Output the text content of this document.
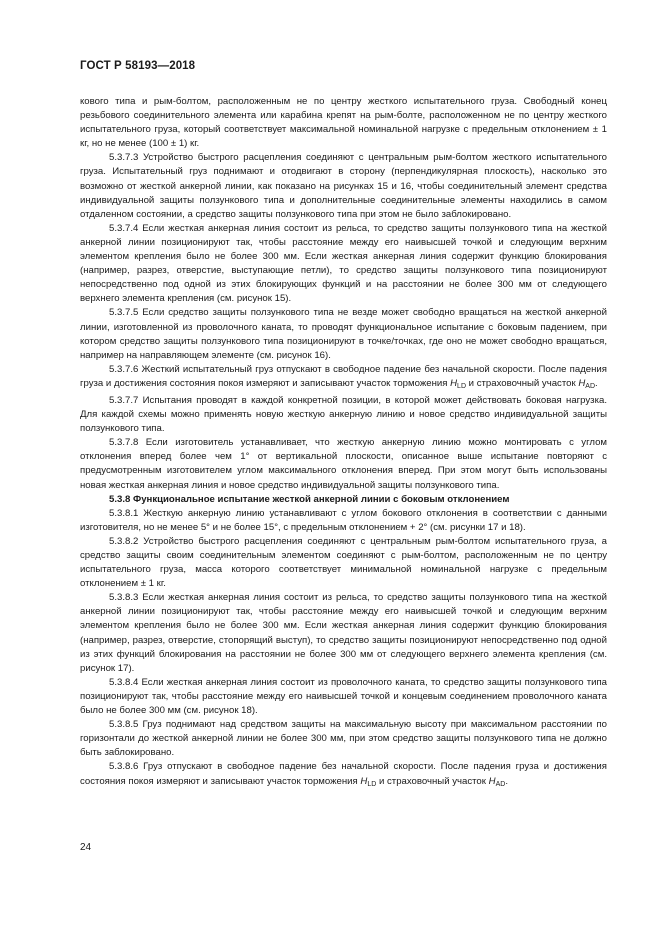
ГОСТ Р 58193—2018

кового типа и рым-болтом, расположенным не по центру жесткого испытательного груза. Свободный конец резьбового соединительного элемента или карабина крепят на рым-болте, расположенном не по центру жесткого испытательного груза, который соответствует максимальной номинальной нагрузке с предельным отклонением ± 1 кг, но не менее (100 ± 1) кг.

5.3.7.3 Устройство быстрого расцепления соединяют с центральным рым-болтом жесткого испытательного груза. Испытательный груз поднимают и отодвигают в сторону (перпендикулярная плоскость), насколько это возможно от жесткой анкерной линии, как показано на рисунках 15 и 16, чтобы соединительный элемент средства индивидуальной защиты ползункового типа и дополнительные соединительные элементы находились в самом отдаленном состоянии, а средство защиты ползункового типа при этом не было заблокировано.

5.3.7.4 Если жесткая анкерная линия состоит из рельса, то средство защиты ползункового типа на жесткой анкерной линии позиционируют так, чтобы расстояние между его наивысшей точкой и следующим верхним элементом крепления было не более 300 мм. Если жесткая анкерная линия содержит функцию блокирования (например, разрез, отверстие, выступающие петли), то средство защиты ползункового типа позиционируют непосредственно под одной из этих блокирующих функций и на расстоянии не более 300 мм от следующего верхнего элемента крепления (см. рисунок 15).

5.3.7.5 Если средство защиты ползункового типа не везде может свободно вращаться на жесткой анкерной линии, изготовленной из проволочного каната, то проводят функциональное испытание с боковым падением, при котором средство защиты ползункового типа позиционируют в точке/точках, где оно не может свободно вращаться, например на направляющем элементе (см. рисунок 16).

5.3.7.6 Жесткий испытательный груз отпускают в свободное падение без начальной скорости. После падения груза и достижения состояния покоя измеряют и записывают участок торможения $H_{LD}$ и страховочный участок $H_{AD}$.

5.3.7.7 Испытания проводят в каждой конкретной позиции, в которой может действовать боковая нагрузка. Для каждой схемы можно применять новую жесткую анкерную линию и новое средство индивидуальной защиты ползункового типа.

5.3.7.8 Если изготовитель устанавливает, что жесткую анкерную линию можно монтировать с углом отклонения вперед более чем 1° от вертикальной плоскости, описанное выше испытание повторяют с предусмотренным изготовителем углом максимального отклонения вперед. При этом могут быть использованы новая жесткая анкерная линия и новое средство индивидуальной защиты ползункового типа.

5.3.8 Функциональное испытание жесткой анкерной линии с боковым отклонением

5.3.8.1 Жесткую анкерную линию устанавливают с углом бокового отклонения в соответствии с данными изготовителя, но не менее 5° и не более 15°, с предельным отклонением + 2° (см. рисунки 17 и 18).

5.3.8.2 Устройство быстрого расцепления соединяют с центральным рым-болтом испытательного груза, а средство защиты своим соединительным элементом соединяют с рым-болтом, расположенным не по центру испытательного груза, масса которого соответствует минимальной номинальной нагрузке с предельным отклонением ± 1 кг.

5.3.8.3 Если жесткая анкерная линия состоит из рельса, то средство защиты ползункового типа на жесткой анкерной линии позиционируют так, чтобы расстояние между его наивысшей точкой и следующим верхним элементом крепления было не более 300 мм. Если жесткая анкерная линия содержит функцию блокирования (например, разрез, отверстие, стопорящий выступ), то средство защиты позиционируют непосредственно под одной из этих функций блокирования на расстоянии не более 300 мм от следующего верхнего элемента крепления (см. рисунок 17).

5.3.8.4 Если жесткая анкерная линия состоит из проволочного каната, то средство защиты ползункового типа позиционируют так, чтобы расстояние между его наивысшей точкой и концевым соединением проволочного каната было не более 300 мм (см. рисунок 18).

5.3.8.5 Груз поднимают над средством защиты на максимальную высоту при максимальном расстоянии по горизонтали до жесткой анкерной линии не более 300 мм, при этом средство защиты ползункового типа не должно быть заблокировано.

5.3.8.6 Груз отпускают в свободное падение без начальной скорости. После падения груза и достижения состояния покоя измеряют и записывают участок торможения $H_{LD}$ и страховочный участок $H_{AD}$.

24
